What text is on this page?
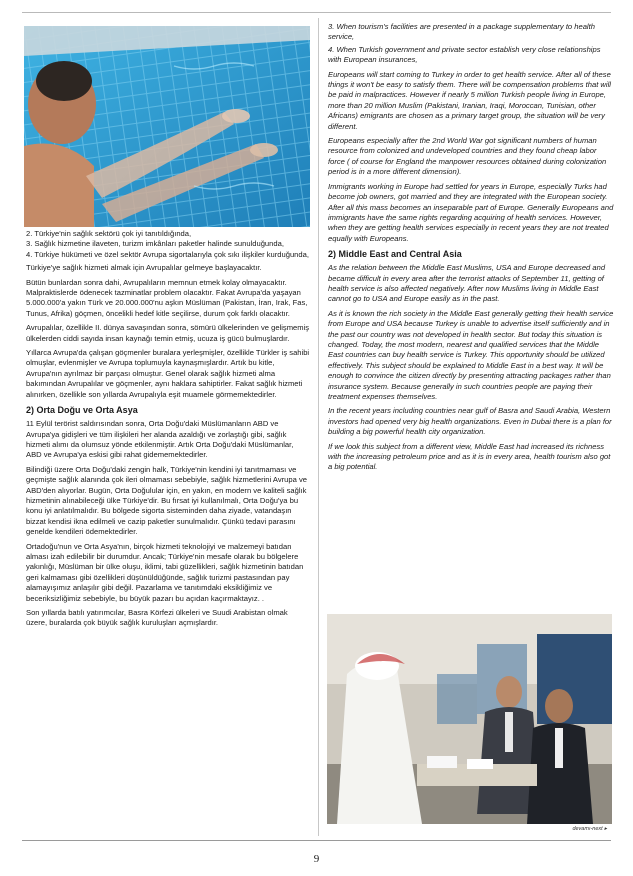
2. Türkiye'nin sağlık sektörü çok iyi tanıtıldığında,
3. Sağlık hizmetine ilaveten, turizm imkânları paketler halinde sunulduğunda,
4. Türkiye hükümeti ve özel sektör Avrupa sigortalarıyla çok sıkı ilişkiler kurduğunda,

Türkiye'ye sağlık hizmeti almak için Avrupalılar gelmeye başlayacaktır.

Bütün bunlardan sonra dahi, Avrupalıların memnun etmek kolay olmayacaktır. Malpraktislerde ödenecek tazminatlar problem olacaktır. Fakat Avrupa'da yaşayan 5.000.000'a yakın Türk ve 20.000.000'nu aşkın Müslüman (Pakistan, İran, Irak, Fas, Tunus, Afrika) göçmen, öncelikli hedef kitle seçilirse, durum çok farklı olacaktır.

Avrupalılar, özellikle II. dünya savaşından sonra, sömürü ülkelerinden ve gelişmemiş ülkelerden ciddi sayıda insan kaynağı temin etmiş, ucuza iş gücü bulmuşlardır.

Yıllarca Avrupa'da çalışan göçmenler buralara yerleşmişler, özellikle Türkler iş sahibi olmuşlar, evlenmişler ve Avrupa toplumuyla kaynaşmışlardır. Artık bu kitle, Avrupa'nın ayrılmaz bir parçası olmuştur. Genel olarak sağlık hizmeti alma bakımından Avrupalılar ve göçmenler, aynı haklara sahiptirler. Fakat sağlık hizmeti alınırken, özellikle son yıllarda Avrupalıyla eşit muamele görmemektedirler.

2) Orta Doğu ve Orta Asya

11 Eylül terörist saldırısından sonra, Orta Doğu'daki Müslümanların ABD ve Avrupa'ya gidişleri ve tüm ilişkileri her alanda azaldığı ve zorlaştığı gibi, sağlık hizmeti alımı da olumsuz yönde etkilenmiştir. Artık Orta Doğu'daki Müslümanlar, ABD ve Avrupa'ya eskisi gibi rahat gidememektedirler.

Bilindiği üzere Orta Doğu'daki zengin halk, Türkiye'nin kendini iyi tanıtmaması ve geçmişte sağlık alanında çok ileri olmaması sebebiyle, sağlık hizmetlerini Avrupa ve ABD'den alıyorlar. Bugün, Orta Doğulular için, en yakın, en modern ve kaliteli sağlık hizmetinin alınabileceği ülke Türkiye'dir. Bu fırsat iyi kullanılmalı, Orta Doğu'ya bu konu iyi anlatılmalıdır. Bu bölgede sigorta sisteminden daha ziyade, vatandaşın bizzat kendisi ikna edilmeli ve cazip paketler sunulmalıdır. Çünkü tedavi parasını genelde kendileri ödemektedirler.

Ortadoğu'nun ve Orta Asya'nın, birçok hizmeti teknolojiyi ve malzemeyi batıdan alması izah edilebilir bir durumdur. Ancak; Türkiye'nin mesafe olarak bu bölgelere yakınlığı, Müslüman bir ülke oluşu, iklimi, tabi güzellikleri, sağlık hizmetinin batıdan geri kalmaması gibi özellikleri düşünüldüğünde, sağlık turizmi pastasından pay alamayışımız anlaşılır gibi değil. Pazarlama ve tanıtımdaki eksikliğimiz ve beceriksizliğimiz sebebiyle, bu büyük pazarı bu açıdan kaçırmaktayız. .

Son yıllarda batılı yatırımcılar, Basra Körfezi ülkeleri ve Suudi Arabistan olmak üzere, buralarda çok büyük sağlık kuruluşları açmışlardır.

3. When tourism's facilities are presented in a package supplementary to health service,

4. When Turkish government and private sector establish very close relationships with European insurances,

Europeans will start coming to Turkey in order to get health service. After all of these things it won't be easy to satisfy them. There will be compensation problems that will be paid in malpractices. However if nearly 5 million Turkish people living in Europe, more than 20 million Muslim (Pakistani, Iranian, Iraqi, Moroccan, Tunisian, other Africans) emigrants are chosen as a primary target group, the situation will be very different.

Europeans especially after the 2nd World War got significant numbers of human resource from colonized and undeveloped countries and they found cheap labor force ( of course for England the manpower resources obtained during colonization period is in a more different dimension).

Immigrants working in Europe had settled for years in Europe, especially Turks had become job owners, got married and they are integrated with the European society. After all this mass becomes an inseparable part of Europe. Generally Europeans and immigrants have the same rights regarding acquiring of health services. However, when they are getting health services especially in recent years they are not treated equally with Europeans.

2) Middle East and Central Asia

As the relation between the Middle East Muslims, USA and Europe decreased and became difficult in every area after the terrorist attacks of September 11, getting of health service is also affected negatively. After now Muslims living in Middle East cannot go to USA and Europe easily as in the past.

As it is known the rich society in the Middle East generally getting their health service from Europe and USA because Turkey is unable to advertise itself sufficiently and in the past our country was not developed in health sector. But today this situation is changed. Today, the most modern, nearest and qualified services that the Middle East countries can buy health service is Turkey. This opportunity should be utilized effectively. This subject should be explained to Middle East in a best way. It will be enough to convince the citizen directly by presenting attracting packages rather than insurance system. Because generally in such countries people are paying their treatment expenses themselves.

In the recent years including countries near gulf of Basra and Saudi Arabia, Western investors had opened very big health organizations. Even in Dubai there is a plan for building a big powerful health city organization.

If we look this subject from a different view, Middle East had increased its richness with the increasing petroleum price and as it is in every area, health tourism also got a big potential.

devamı-next ▸
9
